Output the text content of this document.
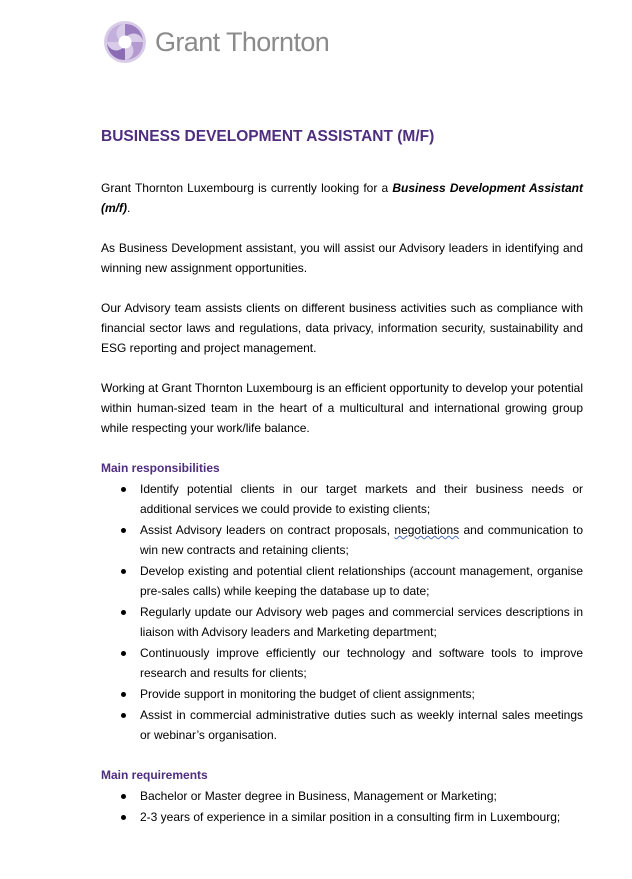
Grant Thornton
BUSINESS DEVELOPMENT ASSISTANT (M/F)

Grant Thornton Luxembourg is currently looking for a Business Development Assistant (m/f).

As Business Development assistant, you will assist our Advisory leaders in identifying and winning new assignment opportunities.

Our Advisory team assists clients on different business activities such as compliance with financial sector laws and regulations, data privacy, information security, sustainability and ESG reporting and project management.

Working at Grant Thornton Luxembourg is an efficient opportunity to develop your potential within human-sized team in the heart of a multicultural and international growing group while respecting your work/life balance.

Main responsibilities
Identify potential clients in our target markets and their business needs or additional services we could provide to existing clients;
Assist Advisory leaders on contract proposals, negotiations and communication to win new contracts and retaining clients;
Develop existing and potential client relationships (account management, organise pre-sales calls) while keeping the database up to date;
Regularly update our Advisory web pages and commercial services descriptions in liaison with Advisory leaders and Marketing department;
Continuously improve efficiently our technology and software tools to improve research and results for clients;
Provide support in monitoring the budget of client assignments;
Assist in commercial administrative duties such as weekly internal sales meetings or webinar’s organisation.
Main requirements
Bachelor or Master degree in Business, Management or Marketing;
2-3 years of experience in a similar position in a consulting firm in Luxembourg;
